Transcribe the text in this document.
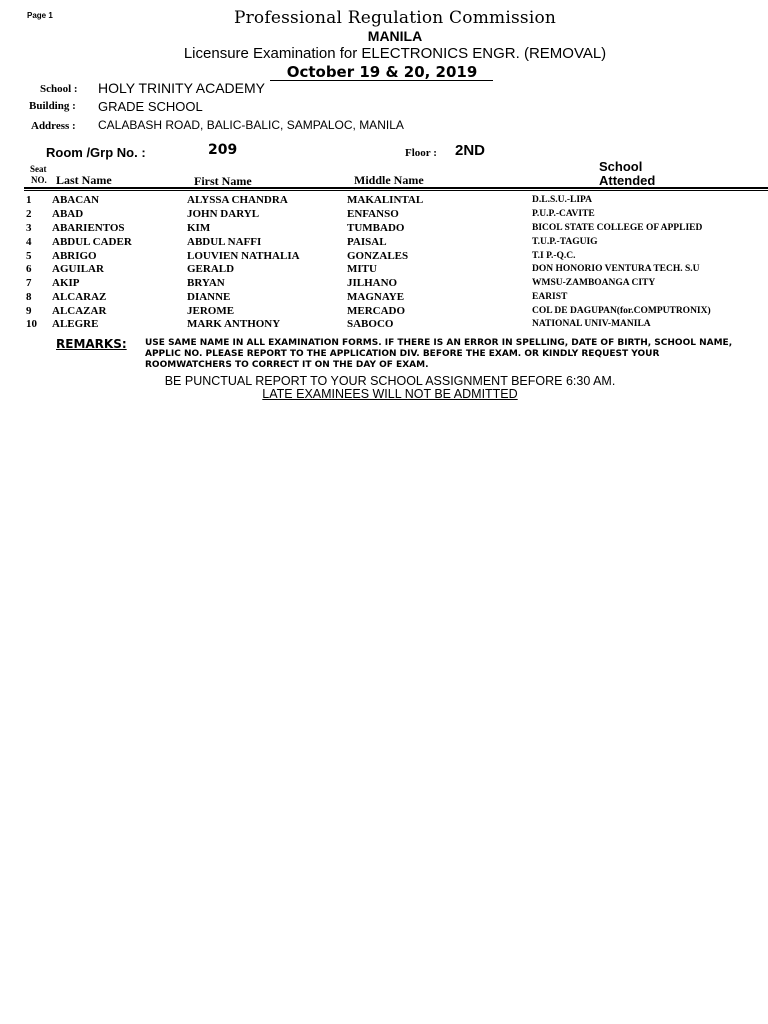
Page 1	Professional Regulation Commission
MANILA
Licensure Examination for ELECTRONICS ENGR. (REMOVAL)
October 19 & 20, 2019
School : HOLY TRINITY ACADEMY
Building : GRADE SCHOOL
Address : CALABASH ROAD, BALIC-BALIC, SAMPALOC, MANILA
Room /Grp No. :	209	Floor : 2ND
Seat
NO. Last Name	First Name	Middle Name
School
Attended
1 ABACAN	ALYSSA CHANDRA	MAKALINTAL	D.L.S.U.-LIPA
2 ABAD	JOHN DARYL	ENFANSO	P.U.P.-CAVITE
3 ABARIENTOS	KIM	TUMBADO	BICOL STATE COLLEGE OF APPLIED
4 ABDUL CADER	ABDUL NAFFI	PAISAL	T.U.P.-TAGUIG
5 ABRIGO	LOUVIEN NATHALIA	GONZALES	T.I P.-Q.C.
6 AGUILAR	GERALD	MITU	DON HONORIO VENTURA TECH. S.U
7 AKIP	BRYAN	JILHANO	WMSU-ZAMBOANGA CITY
8 ALCARAZ	DIANNE	MAGNAYE	EARIST
9 ALCAZAR	JEROME	MERCADO	COL DE DAGUPAN(for.COMPUTRONIX)
10 ALEGRE	MARK ANTHONY	SABOCO	NATIONAL UNIV-MANILA
REMARKS: USE SAME NAME IN ALL EXAMINATION FORMS. IF THERE IS AN ERROR IN SPELLING, DATE OF BIRTH, SCHOOL NAME, APPLIC NO. PLEASE REPORT TO THE APPLICATION DIV. BEFORE THE EXAM. OR KINDLY REQUEST YOUR ROOMWATCHERS TO CORRECT IT ON THE DAY OF EXAM.
BE PUNCTUAL REPORT TO YOUR SCHOOL ASSIGNMENT BEFORE 6:30 AM.
LATE EXAMINEES WILL NOT BE ADMITTED
